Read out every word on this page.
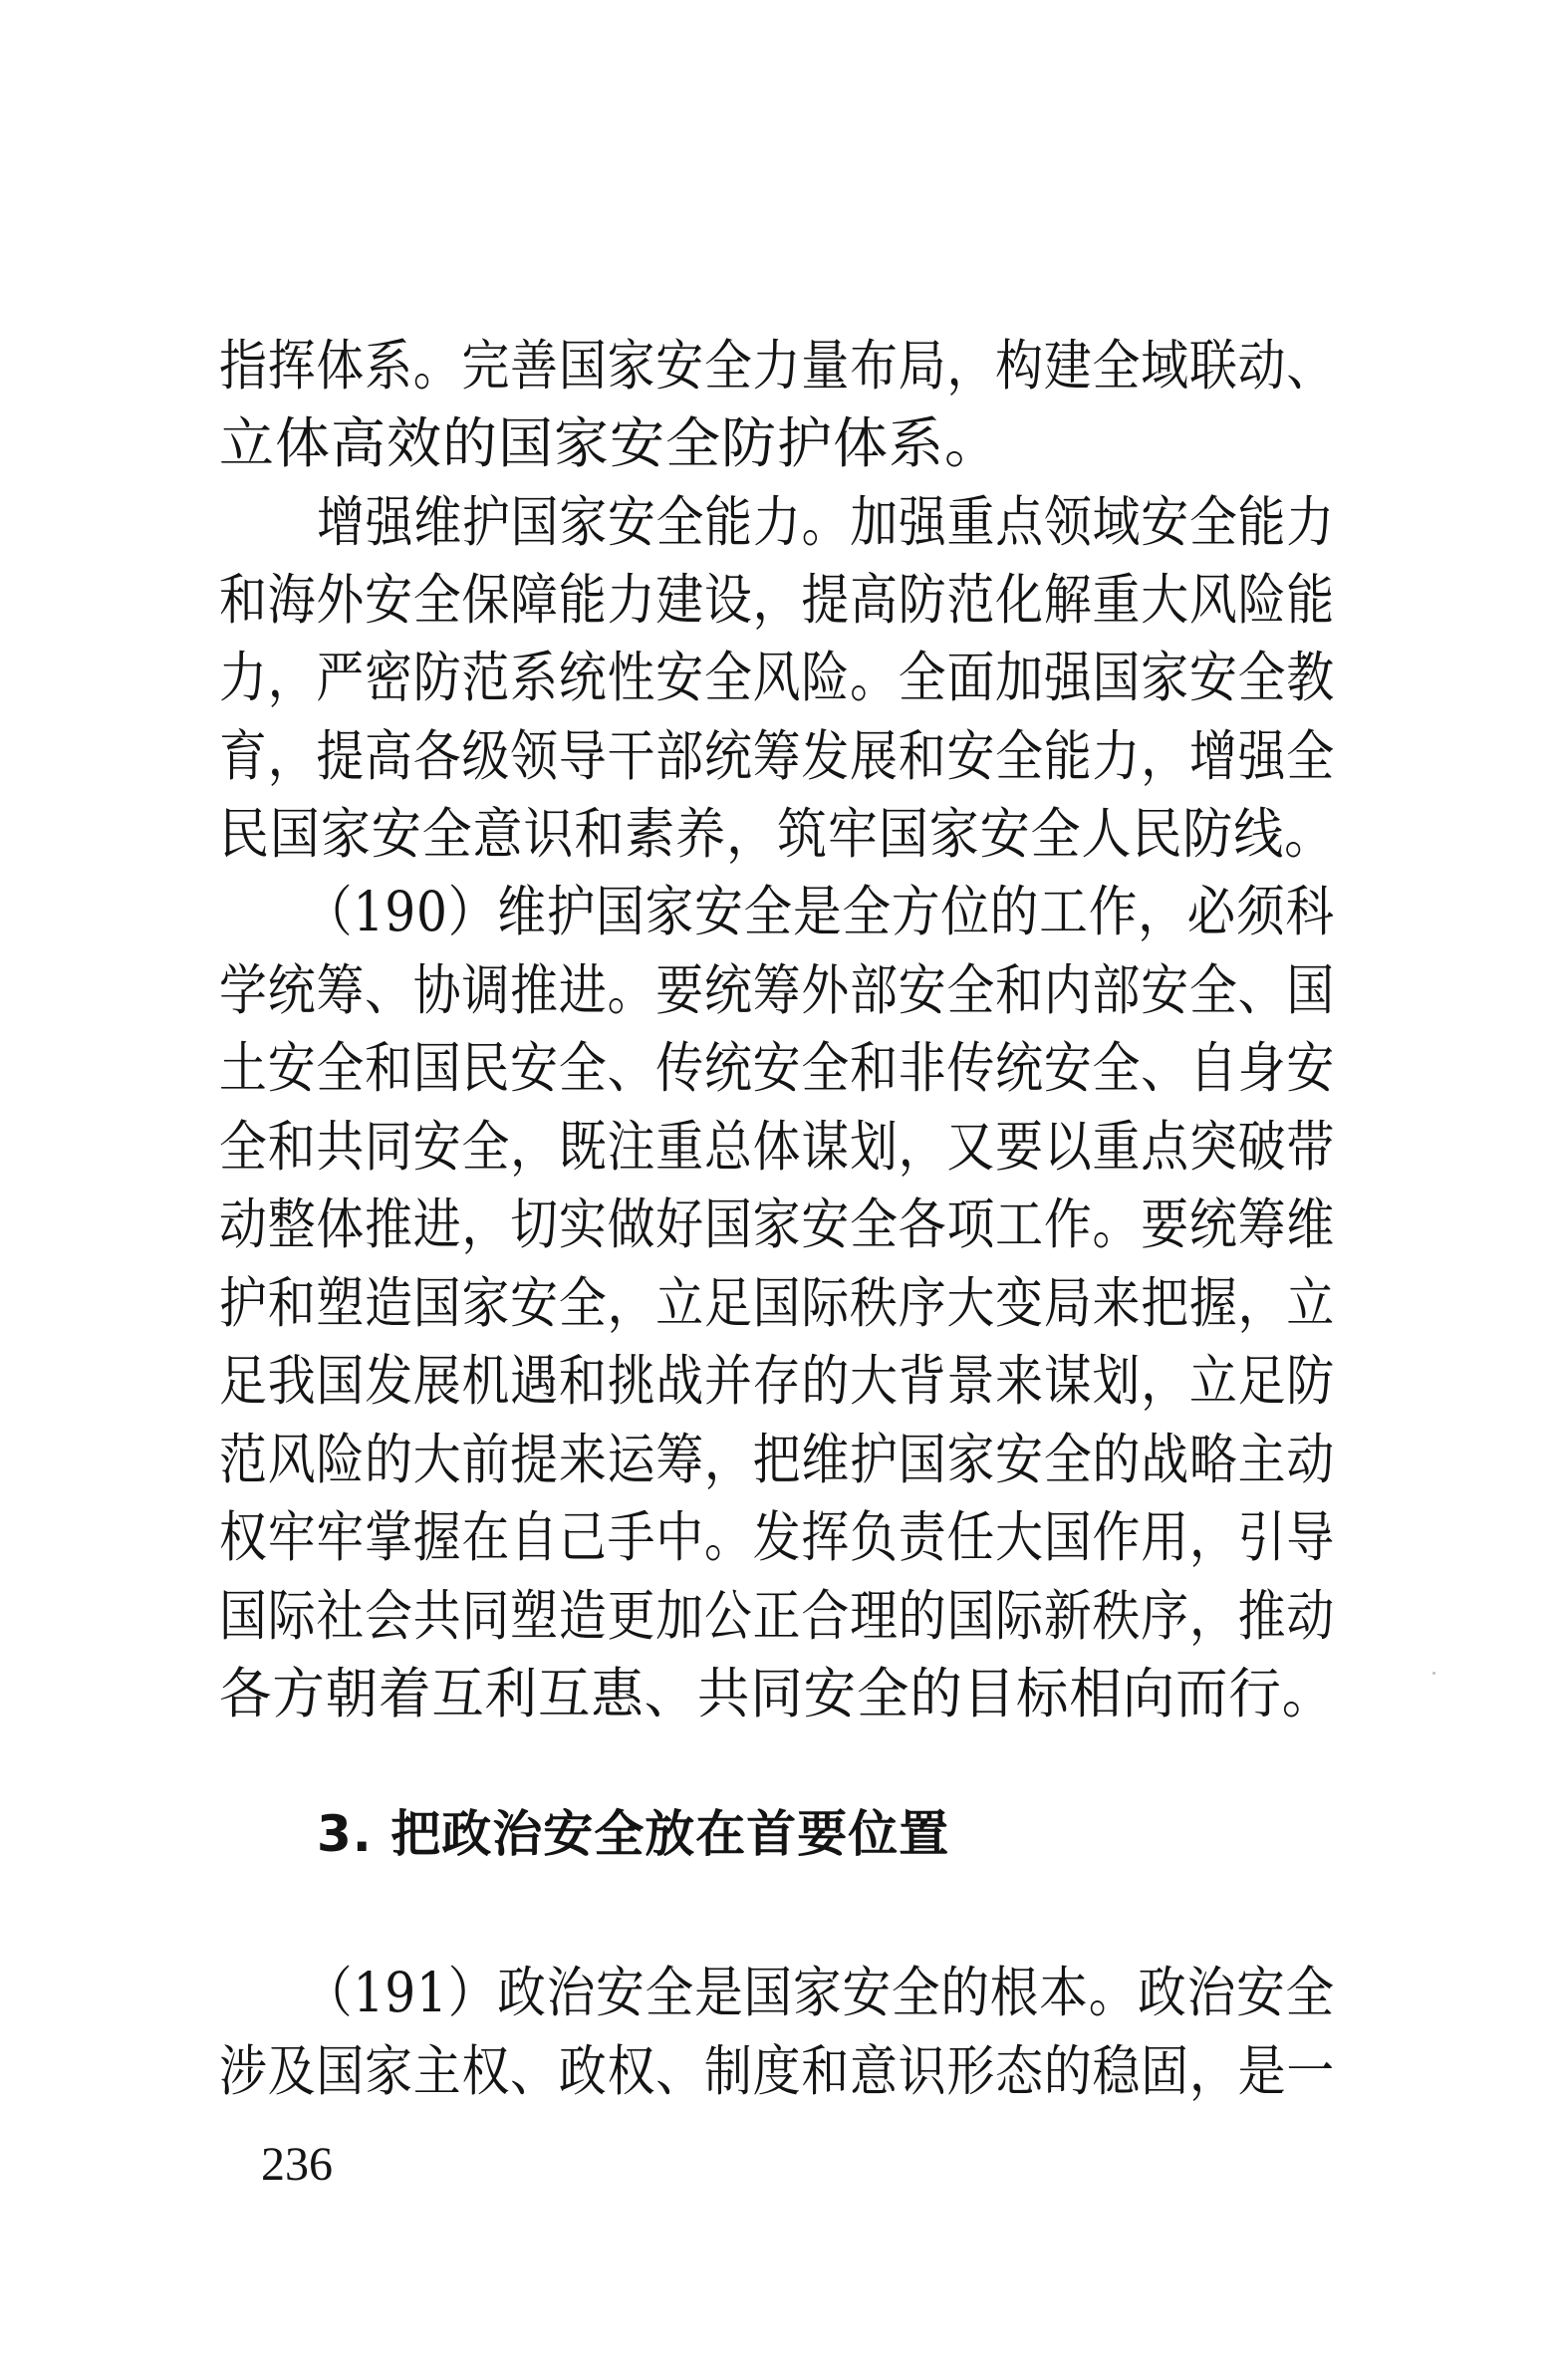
指挥体系。完善国家安全力量布局，构建全域联动、
立体高效的国家安全防护体系。
增强维护国家安全能力。加强重点领域安全能力
和海外安全保障能力建设，提高防范化解重大风险能
力，严密防范系统性安全风险。全面加强国家安全教
育，提高各级领导干部统筹发展和安全能力，增强全
民国家安全意识和素养，筑牢国家安全人民防线。
（190）维护国家安全是全方位的工作，必须科
学统筹、协调推进。要统筹外部安全和内部安全、国
土安全和国民安全、传统安全和非传统安全、自身安
全和共同安全，既注重总体谋划，又要以重点突破带
动整体推进，切实做好国家安全各项工作。要统筹维
护和塑造国家安全，立足国际秩序大变局来把握，立
足我国发展机遇和挑战并存的大背景来谋划，立足防
范风险的大前提来运筹，把维护国家安全的战略主动
权牢牢掌握在自己手中。发挥负责任大国作用，引导
国际社会共同塑造更加公正合理的国际新秩序，推动
各方朝着互利互惠、共同安全的目标相向而行。
3. 把政治安全放在首要位置
（191）政治安全是国家安全的根本。政治安全
涉及国家主权、政权、制度和意识形态的稳固，是一
236
